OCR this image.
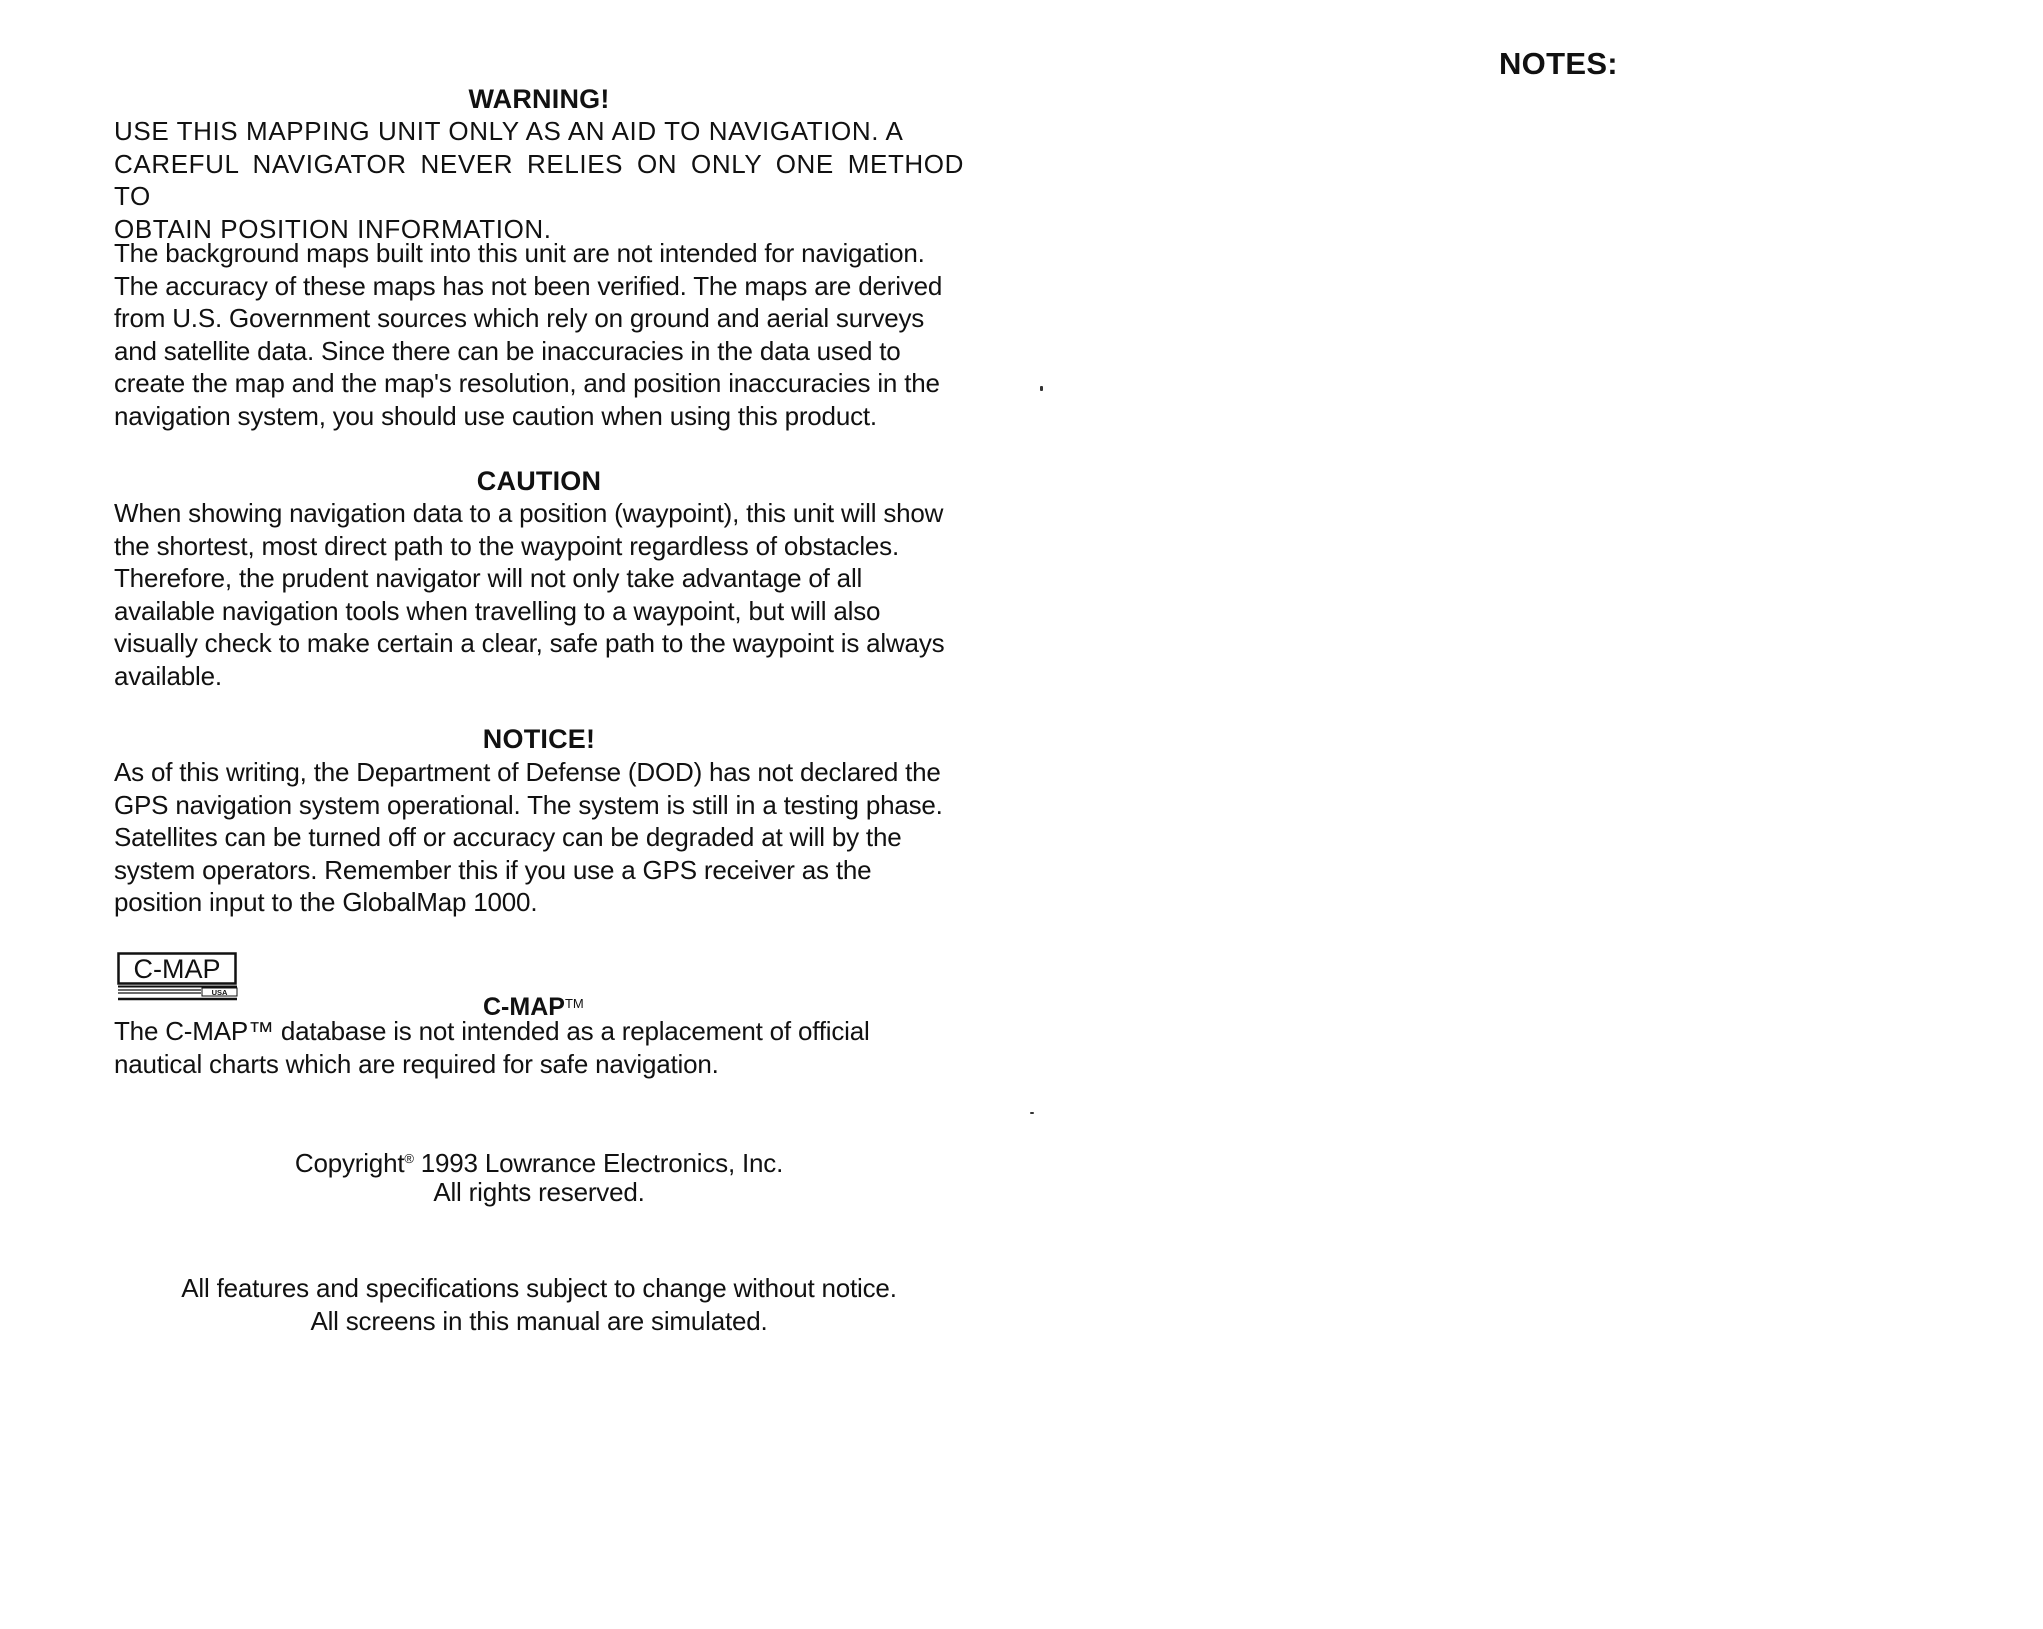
WARNING!
USE THIS MAPPING UNIT ONLY AS AN AID TO NAVIGATION. A
CAREFUL NAVIGATOR NEVER RELIES ON ONLY ONE METHOD TO
OBTAIN POSITION INFORMATION.
The background maps built into this unit are not intended for navigation.
The accuracy of these maps has not been verified. The maps are derived
from U.S. Government sources which rely on ground and aerial surveys
and satellite data. Since there can be inaccuracies in the data used to
create the map and the map's resolution, and position inaccuracies in the
navigation system, you should use caution when using this product.
CAUTION
When showing navigation data to a position (waypoint), this unit will show
the shortest, most direct path to the waypoint regardless of obstacles.
Therefore, the prudent navigator will not only take advantage of all
available navigation tools when travelling to a waypoint, but will also
visually check to make certain a clear, safe path to the waypoint is always
available.
NOTICE!
As of this writing, the Department of Defense (DOD) has not declared the
GPS navigation system operational. The system is still in a testing phase.
Satellites can be turned off or accuracy can be degraded at will by the
system operators. Remember this if you use a GPS receiver as the
position input to the GlobalMap 1000.
C-MAP
USA
C-MAP™
The C-MAP™ database is not intended as a replacement of official
nautical charts which are required for safe navigation.
Copyright® 1993 Lowrance Electronics, Inc.
All rights reserved.
All features and specifications subject to change without notice.
All screens in this manual are simulated.
NOTES:
